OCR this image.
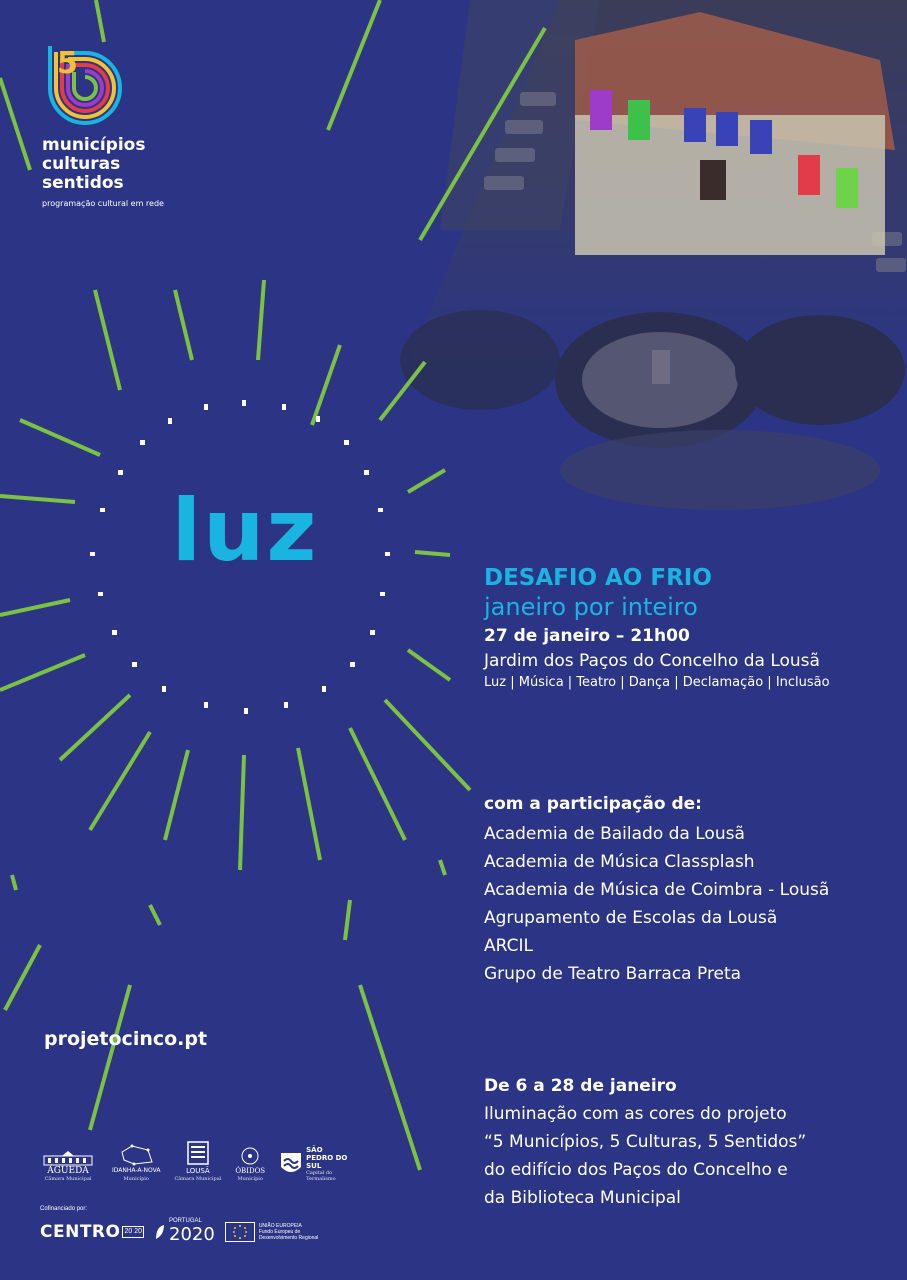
5
municípios
culturas
sentidos
programação cultural em rede
luz	DESAFIO AO FRIO
janeiro por inteiro
27 de janeiro – 21h00
Jardim dos Paços do Concelho da Lousã
Luz | Música | Teatro | Dança | Declamação | Inclusão
com a participação de:
Academia de Bailado da Lousã
Academia de Música Classplash
Academia de Música de Coimbra - Lousã
Agrupamento de Escolas da Lousã
ARCIL
Grupo de Teatro Barraca Preta
De 6 a 28 de janeiro
Iluminação com as cores do projeto
“5 Municípios, 5 Culturas, 5 Sentidos”
do edifício dos Paços do Concelho e
da Biblioteca Municipal
projetocinco.pt
ÁGUEDA
Câmara Municipal
IDANHA-A-NOVA
Município
LOUSÃ
Câmara Municipal
ÓBIDOS
Município
SÃO PEDRO DO SUL
Capital do Termalismo
Cofinanciado por:
CENTRO 20 20
PORTUGAL
2020	UNIÃO EUROPEIA
Fundo Europeu de Desenvolvimento Regional
